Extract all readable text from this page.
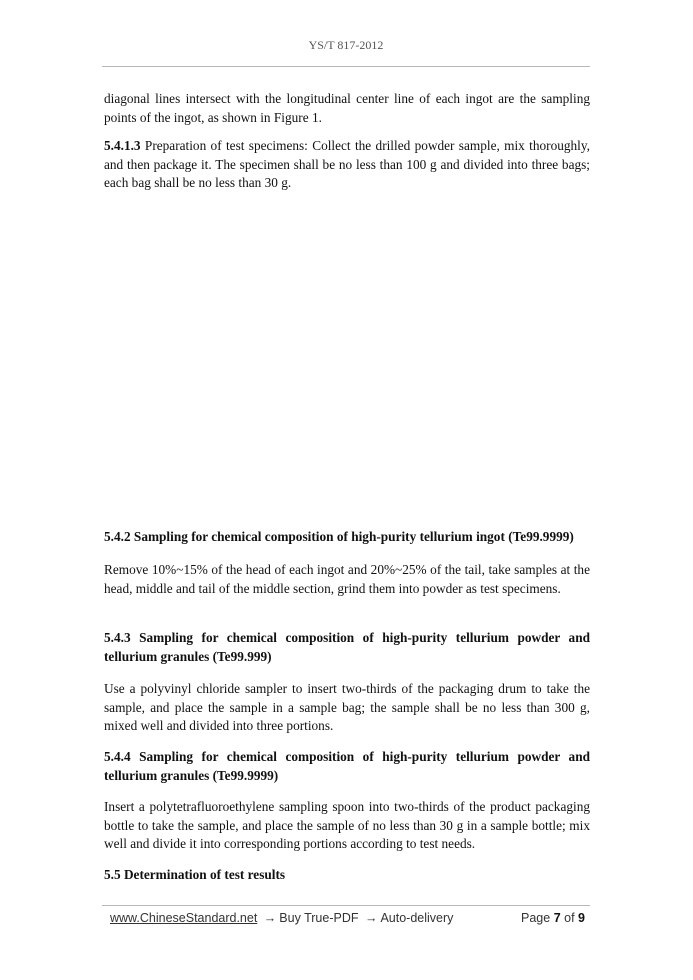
YS/T 817-2012
diagonal lines intersect with the longitudinal center line of each ingot are the sampling points of the ingot, as shown in Figure 1.
5.4.1.3 Preparation of test specimens: Collect the drilled powder sample, mix thoroughly, and then package it. The specimen shall be no less than 100 g and divided into three bags; each bag shall be no less than 30 g.
5.4.2 Sampling for chemical composition of high-purity tellurium ingot (Te99.9999)
Remove 10%~15% of the head of each ingot and 20%~25% of the tail, take samples at the head, middle and tail of the middle section, grind them into powder as test specimens.
5.4.3 Sampling for chemical composition of high-purity tellurium powder and tellurium granules (Te99.999)
Use a polyvinyl chloride sampler to insert two-thirds of the packaging drum to take the sample, and place the sample in a sample bag; the sample shall be no less than 300 g, mixed well and divided into three portions.
5.4.4 Sampling for chemical composition of high-purity tellurium powder and tellurium granules (Te99.9999)
Insert a polytetrafluoroethylene sampling spoon into two-thirds of the product packaging bottle to take the sample, and place the sample of no less than 30 g in a sample bottle; mix well and divide it into corresponding portions according to test needs.
5.5 Determination of test results
www.ChineseStandard.net → Buy True-PDF → Auto-delivery	Page 7 of 9
